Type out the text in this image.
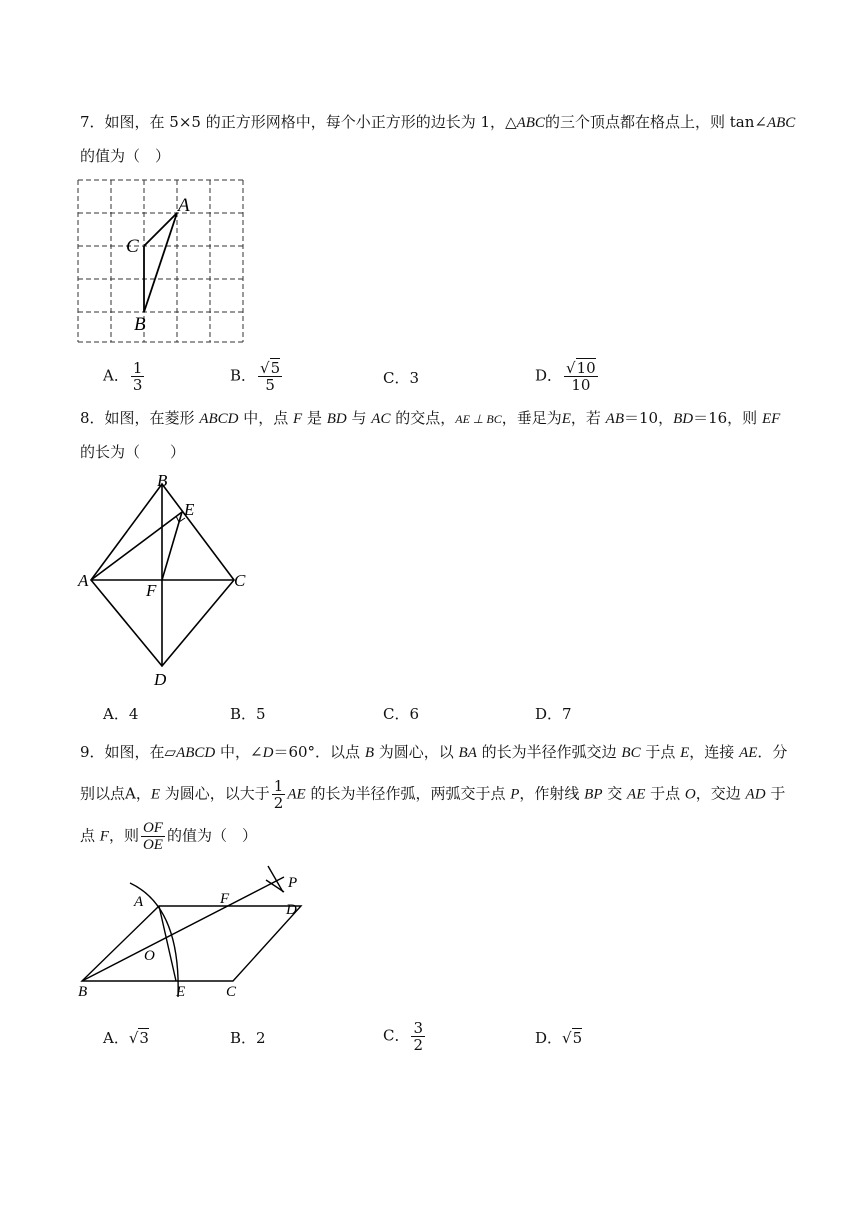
7．如图，在 5×5 的正方形网格中，每个小正方形的边长为 1，△ABC的三个顶点都在格点上，则 tan∠ABC
的值为（　）
A
C
B
A． $\frac{1}{3}$	B． $\frac{√5}{5}$	C．3	D． $\frac{√10}{10}$
8．如图，在菱形 ABCD 中，点 F 是 BD 与 AC 的交点，AE ⊥ BC，垂足为E，若 AB＝10，BD＝16，则 EF
的长为（　　）
B
E
A	C
F
D
A．4	B．5	C．6	D．7
9．如图，在▱ABCD 中，∠D＝60°．以点 B 为圆心，以 BA 的长为半径作弧交边 BC 于点 E，连接 AE．分
别以点A，E 为圆心，以大于 $\frac{1}{2}$ AE 的长为半径作弧，两弧交于点 P，作射线 BP 交 AE 于点 O，交边 AD 于
点 F，则 $\frac{OF}{OE}$ 的值为（　）
A	F
D
P
O
B	E	C
A．√3	B．2	C． $\frac{3}{2}$	D．√5
